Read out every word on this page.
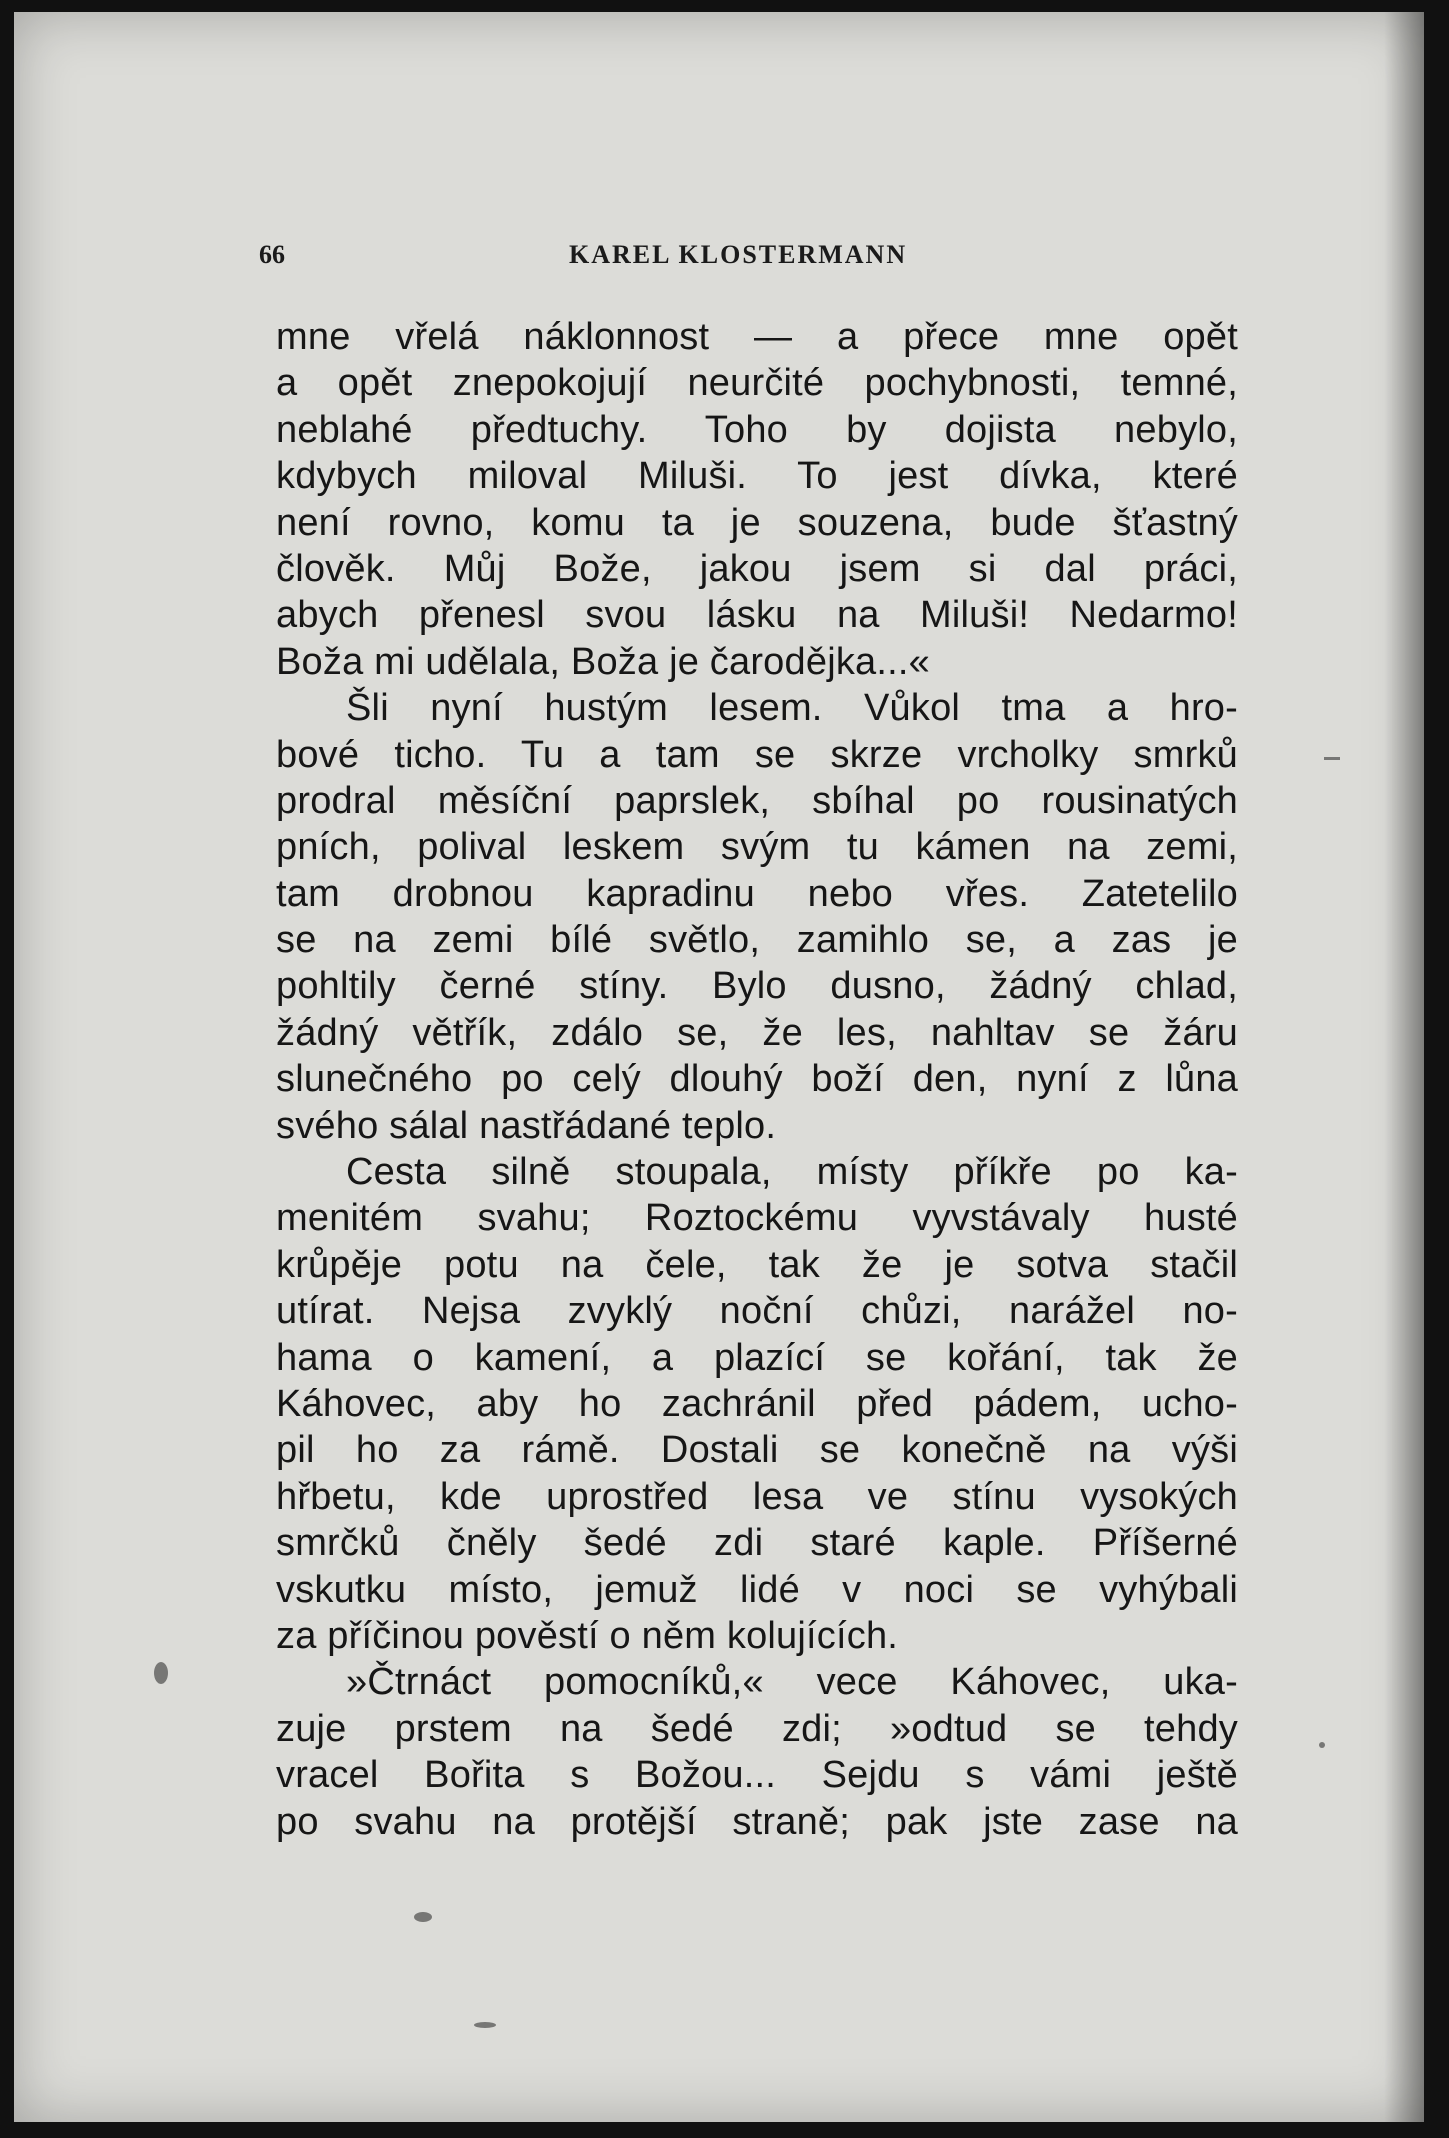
66	KAREL KLOSTERMANN
mne vřelá náklonnost — a přece mne opět
a opět znepokojují neurčité pochybnosti, temné,
neblahé předtuchy. Toho by dojista nebylo,
kdybych miloval Miluši. To jest dívka, které
není rovno, komu ta je souzena, bude šťastný
člověk. Můj Bože, jakou jsem si dal práci,
abych přenesl svou lásku na Miluši! Nedarmo!
Boža mi udělala, Boža je čarodějka...«
Šli nyní hustým lesem. Vůkol tma a hro-
bové ticho. Tu a tam se skrze vrcholky smrků
prodral měsíční paprslek, sbíhal po rousinatých
pních, polival leskem svým tu kámen na zemi,
tam drobnou kapradinu nebo vřes. Zatetelilo
se na zemi bílé světlo, zamihlo se, a zas je
pohltily černé stíny. Bylo dusno, žádný chlad,
žádný větřík, zdálo se, že les, nahltav se žáru
slunečného po celý dlouhý boží den, nyní z lůna
svého sálal nastřádané teplo.
Cesta silně stoupala, místy příkře po ka-
menitém svahu; Roztockému vyvstávaly husté
krůpěje potu na čele, tak že je sotva stačil
utírat. Nejsa zvyklý noční chůzi, narážel no-
hama o kamení, a plazící se kořání, tak že
Káhovec, aby ho zachránil před pádem, ucho-
pil ho za rámě. Dostali se konečně na výši
hřbetu, kde uprostřed lesa ve stínu vysokých
smrčků čněly šedé zdi staré kaple. Příšerné
vskutku místo, jemuž lidé v noci se vyhýbali
za příčinou pověstí o něm kolujících.
»Čtrnáct pomocníků,« vece Káhovec, uka-
zuje prstem na šedé zdi; »odtud se tehdy
vracel Bořita s Božou... Sejdu s vámi ještě
po svahu na protější straně; pak jste zase na
